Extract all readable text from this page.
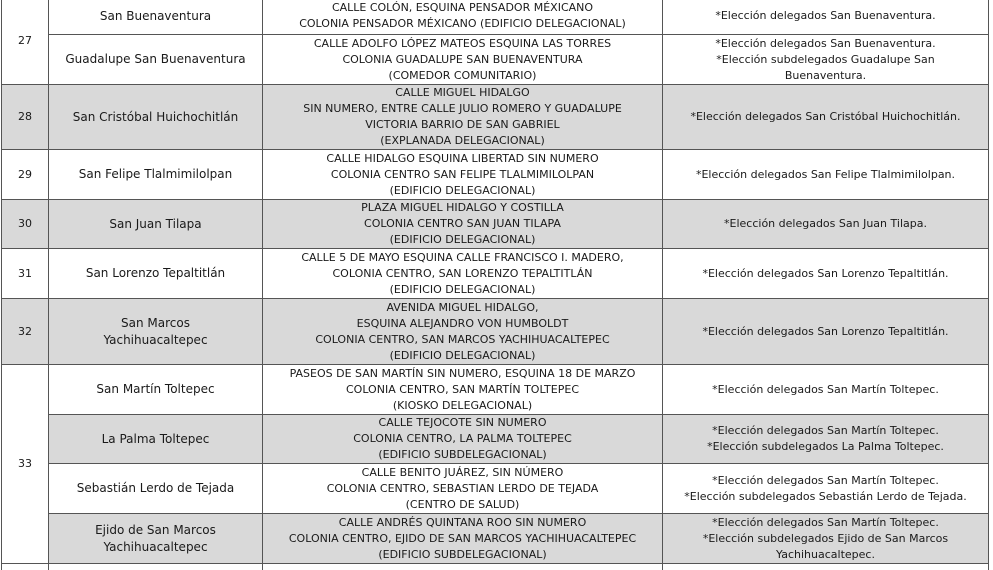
27	San Buenaventura	CALLE COLÓN, ESQUINA PENSADOR MÉXICANO
COLONIA PENSADOR MÉXICANO (EDIFICIO DELEGACIONAL)	*Elección delegados San Buenaventura.

	Guadalupe San Buenaventura	CALLE ADOLFO LÓPEZ MATEOS ESQUINA LAS TORRES
COLONIA GUADALUPE SAN BUENAVENTURA
(COMEDOR COMUNITARIO)	*Elección delegados San Buenaventura.
*Elección subdelegados Guadalupe San
Buenaventura.

28	San Cristóbal Huichochitlán	CALLE MIGUEL HIDALGO
SIN NUMERO, ENTRE CALLE JULIO ROMERO Y GUADALUPE
VICTORIA BARRIO DE SAN GABRIEL
(EXPLANADA DELEGACIONAL)	*Elección delegados San Cristóbal Huichochitlán.

29	San Felipe Tlalmimilolpan	CALLE HIDALGO ESQUINA LIBERTAD SIN NUMERO
COLONIA CENTRO SAN FELIPE TLALMIMILOLPAN
(EDIFICIO DELEGACIONAL)	*Elección delegados San Felipe Tlalmimilolpan.

30	San Juan Tilapa	PLAZA MIGUEL HIDALGO Y COSTILLA
COLONIA CENTRO SAN JUAN TILAPA
(EDIFICIO DELEGACIONAL)	*Elección delegados San Juan Tilapa.

31	San Lorenzo Tepaltitlán	CALLE 5 DE MAYO ESQUINA CALLE FRANCISCO I. MADERO,
COLONIA CENTRO, SAN LORENZO TEPALTITLÁN
(EDIFICIO DELEGACIONAL)	*Elección delegados San Lorenzo Tepaltitlán.

32	San Marcos
Yachihuacaltepec	AVENIDA MIGUEL HIDALGO,
ESQUINA ALEJANDRO VON HUMBOLDT
COLONIA CENTRO, SAN MARCOS YACHIHUACALTEPEC
(EDIFICIO DELEGACIONAL)	*Elección delegados San Lorenzo Tepaltitlán.

33	San Martín Toltepec	PASEOS DE SAN MARTÍN SIN NUMERO, ESQUINA 18 DE MARZO
COLONIA CENTRO, SAN MARTÍN TOLTEPEC
(KIOSKO DELEGACIONAL)	*Elección delegados San Martín Toltepec.

	La Palma Toltepec	CALLE TEJOCOTE SIN NUMERO
COLONIA CENTRO, LA PALMA TOLTEPEC
(EDIFICIO SUBDELEGACIONAL)	*Elección delegados San Martín Toltepec.
*Elección subdelegados La Palma Toltepec.

	Sebastián Lerdo de Tejada	CALLE BENITO JUÁREZ, SIN NÚMERO
COLONIA CENTRO, SEBASTIAN LERDO DE TEJADA
(CENTRO DE SALUD)	*Elección delegados San Martín Toltepec.
*Elección subdelegados Sebastián Lerdo de Tejada.

	Ejido de San Marcos
Yachihuacaltepec	CALLE ANDRÉS QUINTANA ROO SIN NUMERO
COLONIA CENTRO, EJIDO DE SAN MARCOS YACHIHUACALTEPEC
(EDIFICIO SUBDELEGACIONAL)	*Elección delegados San Martín Toltepec.
*Elección subdelegados Ejido de San Marcos
Yachihuacaltepec.
